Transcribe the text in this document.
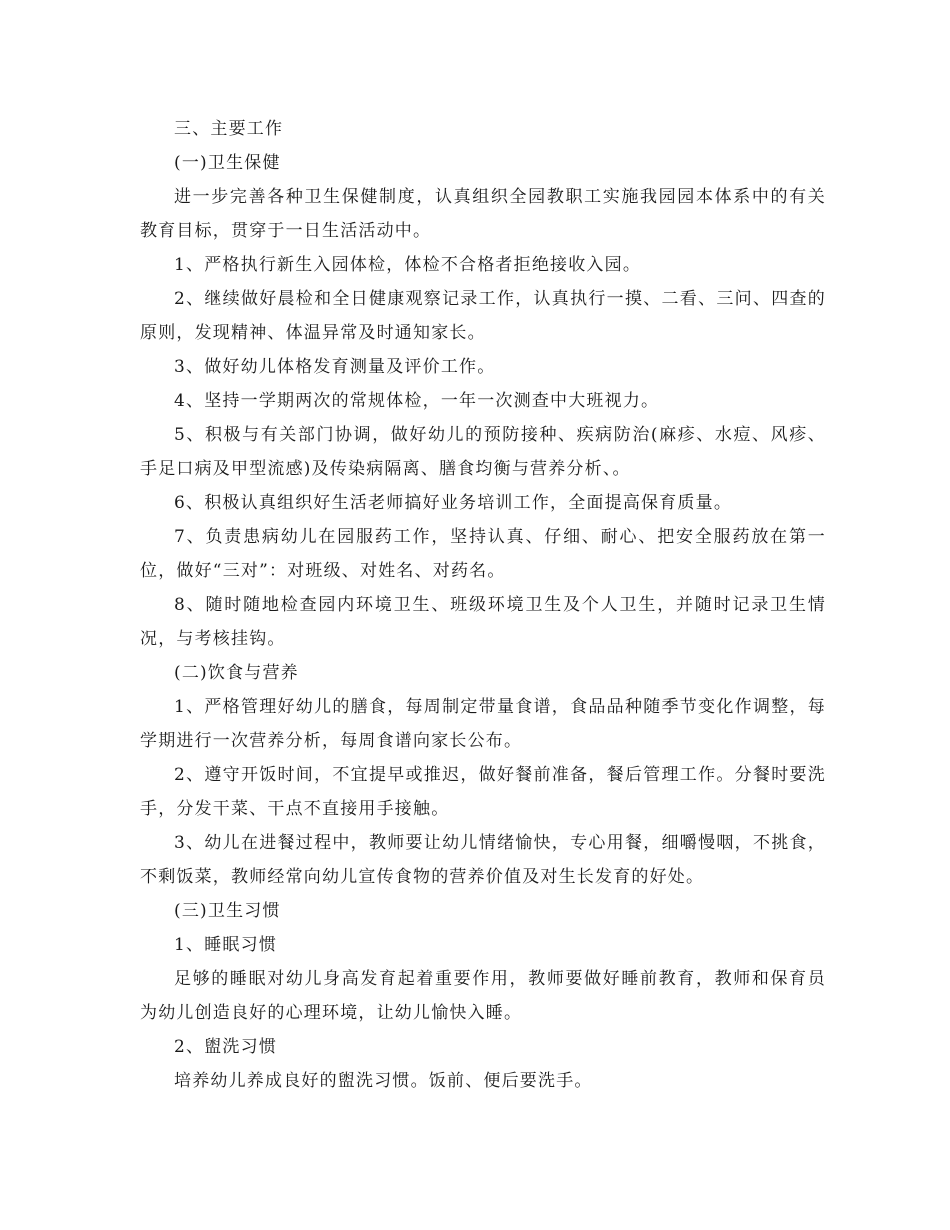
三、主要工作

(一)卫生保健

进一步完善各种卫生保健制度，认真组织全园教职工实施我园园本体系中的有关教育目标，贯穿于一日生活活动中。

1、严格执行新生入园体检，体检不合格者拒绝接收入园。

2、继续做好晨检和全日健康观察记录工作，认真执行一摸、二看、三问、四查的原则，发现精神、体温异常及时通知家长。

3、做好幼儿体格发育测量及评价工作。

4、坚持一学期两次的常规体检，一年一次测查中大班视力。

5、积极与有关部门协调，做好幼儿的预防接种、疾病防治(麻疹、水痘、风疹、手足口病及甲型流感)及传染病隔离、膳食均衡与营养分析、。

6、积极认真组织好生活老师搞好业务培训工作，全面提高保育质量。

7、负责患病幼儿在园服药工作，坚持认真、仔细、耐心、把安全服药放在第一位，做好“三对”：对班级、对姓名、对药名。

8、随时随地检查园内环境卫生、班级环境卫生及个人卫生，并随时记录卫生情况，与考核挂钩。

(二)饮食与营养

1、严格管理好幼儿的膳食，每周制定带量食谱，食品品种随季节变化作调整，每学期进行一次营养分析，每周食谱向家长公布。

2、遵守开饭时间，不宜提早或推迟，做好餐前准备，餐后管理工作。分餐时要洗手，分发干菜、干点不直接用手接触。

3、幼儿在进餐过程中，教师要让幼儿情绪愉快，专心用餐，细嚼慢咽，不挑食，不剩饭菜，教师经常向幼儿宣传食物的营养价值及对生长发育的好处。

(三)卫生习惯

1、睡眠习惯

足够的睡眠对幼儿身高发育起着重要作用，教师要做好睡前教育，教师和保育员为幼儿创造良好的心理环境，让幼儿愉快入睡。

2、盥洗习惯

培养幼儿养成良好的盥洗习惯。饭前、便后要洗手。
